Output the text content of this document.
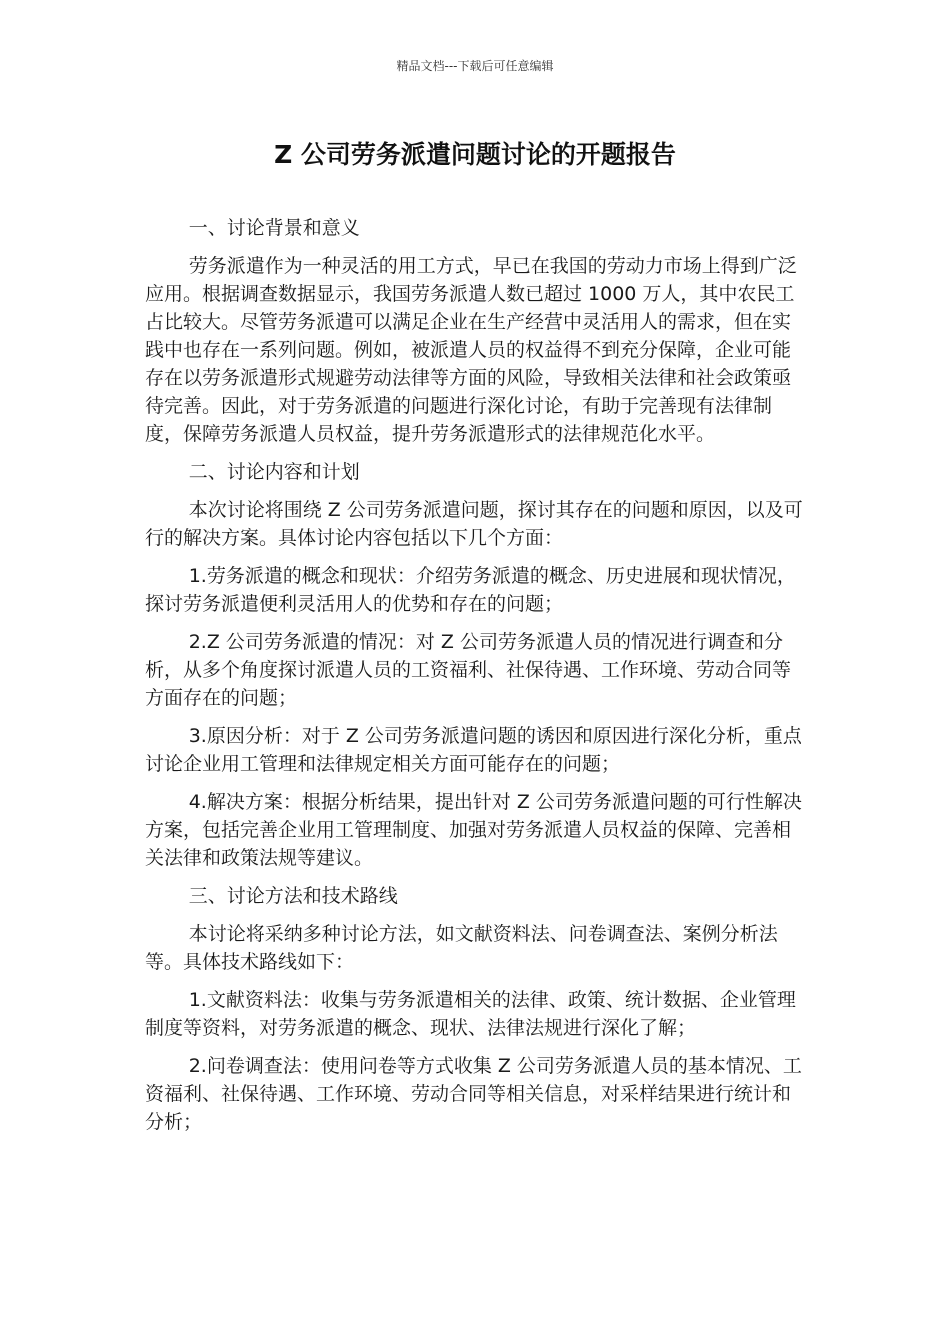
精品文档---下载后可任意编辑
Z 公司劳务派遣问题讨论的开题报告

一、讨论背景和意义

劳务派遣作为一种灵活的用工方式，早已在我国的劳动力市场上得到广泛应用。根据调查数据显示，我国劳务派遣人数已超过 1000 万人，其中农民工占比较大。尽管劳务派遣可以满足企业在生产经营中灵活用人的需求，但在实践中也存在一系列问题。例如，被派遣人员的权益得不到充分保障，企业可能存在以劳务派遣形式规避劳动法律等方面的风险，导致相关法律和社会政策亟待完善。因此，对于劳务派遣的问题进行深化讨论，有助于完善现有法律制度，保障劳务派遣人员权益，提升劳务派遣形式的法律规范化水平。

二、讨论内容和计划

本次讨论将围绕 Z 公司劳务派遣问题，探讨其存在的问题和原因，以及可行的解决方案。具体讨论内容包括以下几个方面：

1.劳务派遣的概念和现状：介绍劳务派遣的概念、历史进展和现状情况，探讨劳务派遣便利灵活用人的优势和存在的问题；

2.Z 公司劳务派遣的情况：对 Z 公司劳务派遣人员的情况进行调查和分析，从多个角度探讨派遣人员的工资福利、社保待遇、工作环境、劳动合同等方面存在的问题；

3.原因分析：对于 Z 公司劳务派遣问题的诱因和原因进行深化分析，重点讨论企业用工管理和法律规定相关方面可能存在的问题；

4.解决方案：根据分析结果，提出针对 Z 公司劳务派遣问题的可行性解决方案，包括完善企业用工管理制度、加强对劳务派遣人员权益的保障、完善相关法律和政策法规等建议。

三、讨论方法和技术路线

本讨论将采纳多种讨论方法，如文献资料法、问卷调查法、案例分析法等。具体技术路线如下：

1.文献资料法：收集与劳务派遣相关的法律、政策、统计数据、企业管理制度等资料，对劳务派遣的概念、现状、法律法规进行深化了解；

2.问卷调查法：使用问卷等方式收集 Z 公司劳务派遣人员的基本情况、工资福利、社保待遇、工作环境、劳动合同等相关信息，对采样结果进行统计和分析；
